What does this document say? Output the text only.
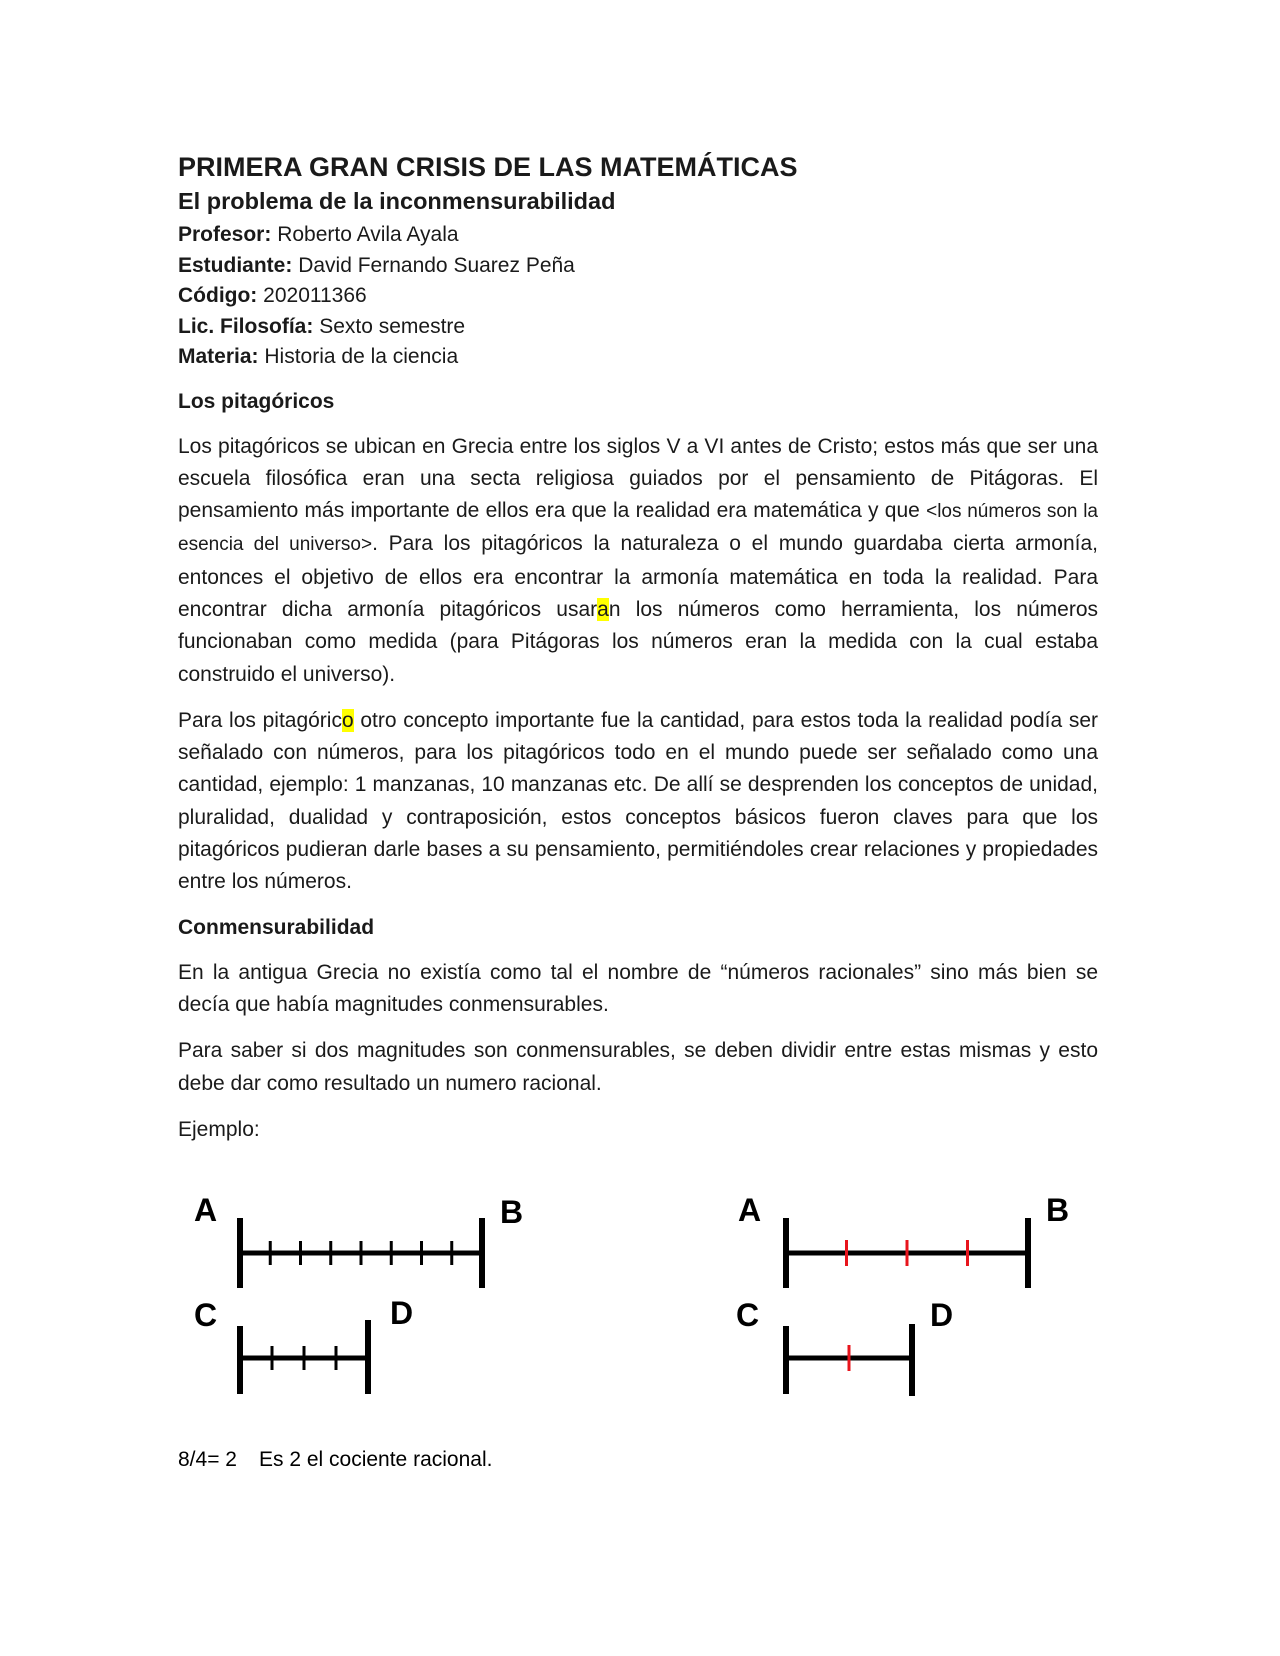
PRIMERA GRAN CRISIS DE LAS MATEMÁTICAS
El problema de la inconmensurabilidad

Profesor: Roberto Avila Ayala

Estudiante: David Fernando Suarez Peña

Código: 202011366

Lic. Filosofía: Sexto semestre

Materia: Historia de la ciencia

Los pitagóricos

Los pitagóricos se ubican en Grecia entre los siglos V a VI antes de Cristo; estos más que ser una escuela filosófica eran una secta religiosa guiados por el pensamiento de Pitágoras. El pensamiento más importante de ellos era que la realidad era matemática y que <los números son la esencia del universo>. Para los pitagóricos la naturaleza o el mundo guardaba cierta armonía, entonces el objetivo de ellos era encontrar la armonía matemática en toda la realidad. Para encontrar dicha armonía pitagóricos usaran los números como herramienta, los números funcionaban como medida (para Pitágoras los números eran la medida con la cual estaba construido el universo).

Para los pitagórico otro concepto importante fue la cantidad, para estos toda la realidad podía ser señalado con números, para los pitagóricos todo en el mundo puede ser señalado como una cantidad, ejemplo: 1 manzanas, 10 manzanas etc. De allí se desprenden los conceptos de unidad, pluralidad, dualidad y contraposición, estos conceptos básicos fueron claves para que los pitagóricos pudieran darle bases a su pensamiento, permitiéndoles crear relaciones y propiedades entre los números.

Conmensurabilidad

En la antigua Grecia no existía como tal el nombre de “números racionales” sino más bien se decía que había magnitudes conmensurables.

Para saber si dos magnitudes son conmensurables, se deben dividir entre estas mismas y esto debe dar como resultado un numero racional.

Ejemplo:

A	B
C	D
A	B
C	D
8/4= 2 Es 2 el cociente racional.
